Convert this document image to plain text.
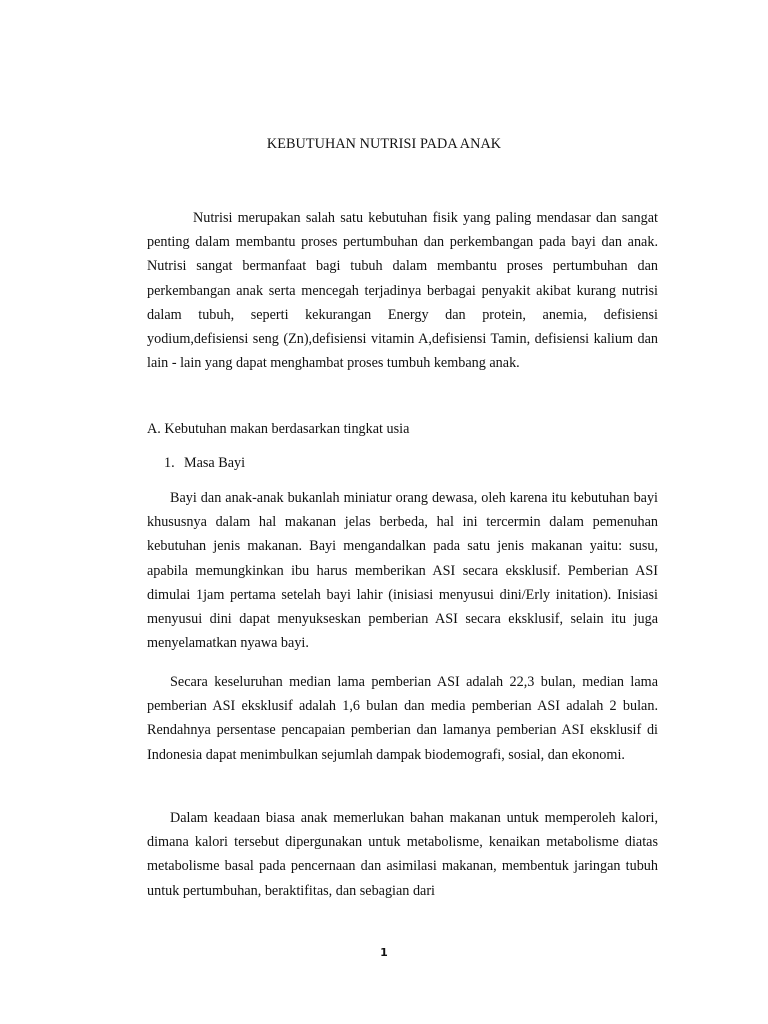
KEBUTUHAN NUTRISI PADA ANAK

Nutrisi merupakan salah satu kebutuhan fisik yang paling mendasar dan sangat penting dalam membantu proses pertumbuhan dan perkembangan pada bayi dan anak. Nutrisi sangat bermanfaat bagi tubuh dalam membantu proses pertumbuhan dan perkembangan anak serta mencegah terjadinya berbagai penyakit akibat kurang nutrisi dalam tubuh, seperti kekurangan Energy dan protein, anemia, defisiensi yodium,defisiensi seng (Zn),defisiensi vitamin A,defisiensi Tamin, defisiensi kalium dan lain - lain yang dapat menghambat proses tumbuh kembang anak.

A. Kebutuhan makan berdasarkan tingkat usia
1. Masa Bayi

Bayi dan anak-anak bukanlah miniatur orang dewasa, oleh karena itu kebutuhan bayi khususnya dalam hal makanan jelas berbeda, hal ini tercermin dalam pemenuhan kebutuhan jenis makanan. Bayi mengandalkan pada satu jenis makanan yaitu: susu, apabila memungkinkan ibu harus memberikan ASI secara eksklusif. Pemberian ASI dimulai 1jam pertama setelah bayi lahir (inisiasi menyusui dini/Erly initation). Inisiasi menyusui dini dapat menyukseskan pemberian ASI secara eksklusif, selain itu juga menyelamatkan nyawa bayi.

Secara keseluruhan median lama pemberian ASI adalah 22,3 bulan, median lama pemberian ASI eksklusif adalah 1,6 bulan dan media pemberian ASI adalah 2 bulan. Rendahnya persentase pencapaian pemberian dan lamanya pemberian ASI eksklusif di Indonesia dapat menimbulkan sejumlah dampak biodemografi, sosial, dan ekonomi.

Dalam keadaan biasa anak memerlukan bahan makanan untuk memperoleh kalori, dimana kalori tersebut dipergunakan untuk metabolisme, kenaikan metabolisme diatas metabolisme basal pada pencernaan dan asimilasi makanan, membentuk jaringan tubuh untuk pertumbuhan, beraktifitas, dan sebagian dari

1
